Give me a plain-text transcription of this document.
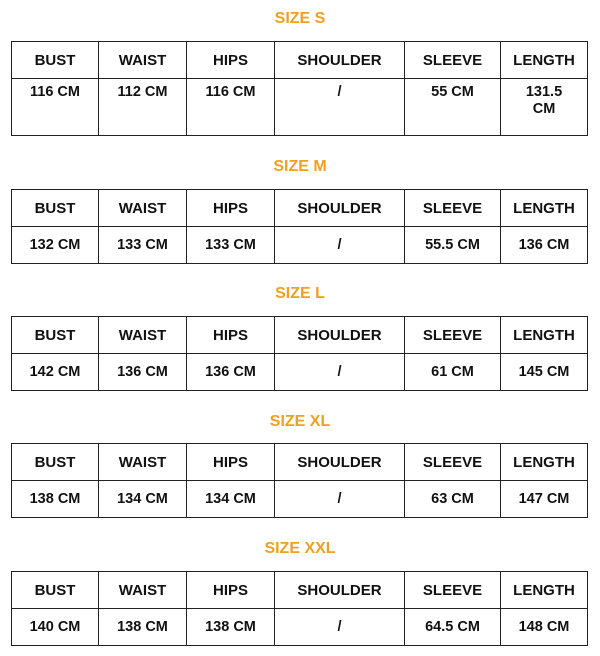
SIZE S
BUST	WAIST	HIPS	SHOULDER	SLEEVE	LENGTH
116 CM	112 CM	116 CM	/	55 CM	131.5 CM
SIZE M
BUST	WAIST	HIPS	SHOULDER	SLEEVE	LENGTH
132 CM	133 CM	133 CM	/	55.5 CM	136 CM
SIZE L
BUST	WAIST	HIPS	SHOULDER	SLEEVE	LENGTH
142 CM	136 CM	136 CM	/	61 CM	145 CM
SIZE XL
BUST	WAIST	HIPS	SHOULDER	SLEEVE	LENGTH
138 CM	134 CM	134 CM	/	63 CM	147 CM
SIZE XXL
BUST	WAIST	HIPS	SHOULDER	SLEEVE	LENGTH
140 CM	138 CM	138 CM	/	64.5 CM	148 CM
